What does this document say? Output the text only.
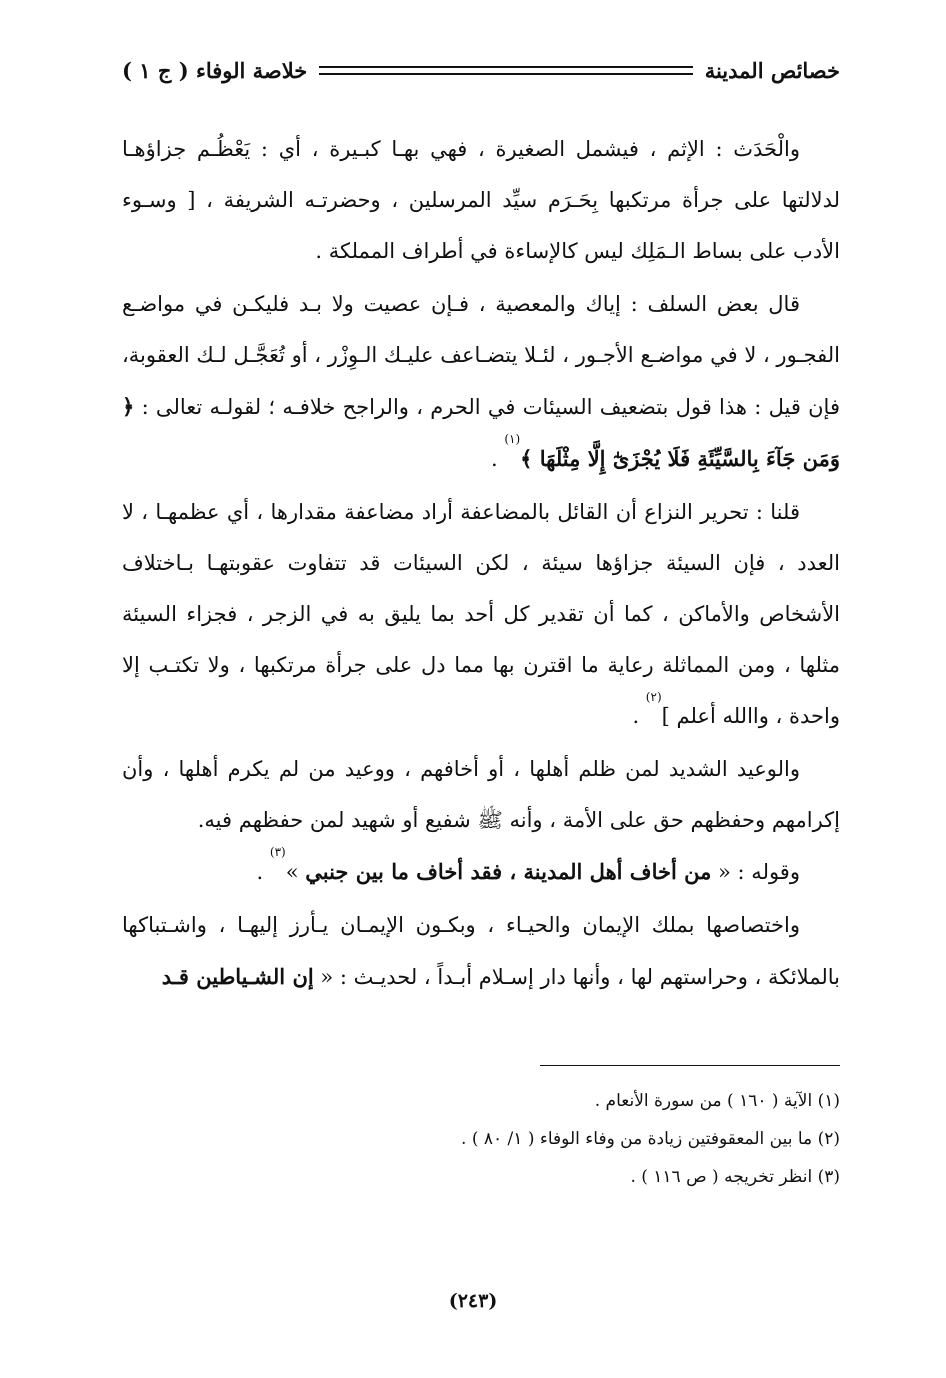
خلاصة الوفاء ( ج ١ )	خصائص المدينة

والْحَدَث : الإثم ، فيشمل الصغيرة ، فهي بهـا كبـيرة ، أي : يَعْظُـم جزاؤهـا لدلالتها على جرأة مرتكبها بِحَـرَم سيِّد المرسلين ، وحضرتـه الشريفة ، [ وسـوء الأدب على بساط الـمَلِك ليس كالإساءة في أطراف المملكة .

قال بعض السلف : إياك والمعصية ، فـإن عصيت ولا بـد فليكـن في مواضـع الفجـور ، لا في مواضـع الأجـور ، لئـلا يتضـاعف عليـك الـوِزْر ، أو تُعَجَّـل لـك العقوبة، فإن قيل : هذا قول بتضعيف السيئات في الحرم ، والراجح خلافـه ؛ لقولـه تعالى : ﴿ وَمَن جَآءَ بِالسَّيِّئَةِ فَلَا يُجْزَىٰٓ إِلَّا مِثْلَهَا ﴾$^{(١)}$ .

قلنا : تحرير النزاع أن القائل بالمضاعفة أراد مضاعفة مقدارها ، أي عظمهـا ، لا العدد ، فإن السيئة جزاؤها سيئة ، لكن السيئات قد تتفاوت عقوبتهـا بـاختلاف الأشخاص والأماكن ، كما أن تقدير كل أحد بما يليق به في الزجر ، فجزاء السيئة مثلها ، ومن المماثلة رعاية ما اقترن بها مما دل على جرأة مرتكبها ، ولا تكتـب إلا واحدة ، واالله أعلم ]$^{(٢)}$ .

والوعيد الشديد لمن ظلم أهلها ، أو أخافهم ، ووعيد من لم يكرم أهلها ، وأن إكرامهم وحفظهم حق على الأمة ، وأنه ﷺ شفيع أو شهيد لمن حفظهم فيه.

وقوله : « من أخاف أهل المدينة ، فقد أخاف ما بين جنبي »$^{(٣)}$ .

واختصاصها بملك الإيمان والحيـاء ، وبكـون الإيمـان يـأرز إليهـا ، واشـتباكها بالملائكة ، وحراستهم لها ، وأنها دار إسـلام أبـداً ، لحديـث : « إن الشـياطين قـد

(١) الآية ( ١٦٠ ) من سورة الأنعام .
(٢) ما بين المعقوفتين زيادة من وفاء الوفاء ( ١/ ٨٠ ) .
(٣) انظر تخريجه ( ص ١١٦ ) .
(٢٤٣)
